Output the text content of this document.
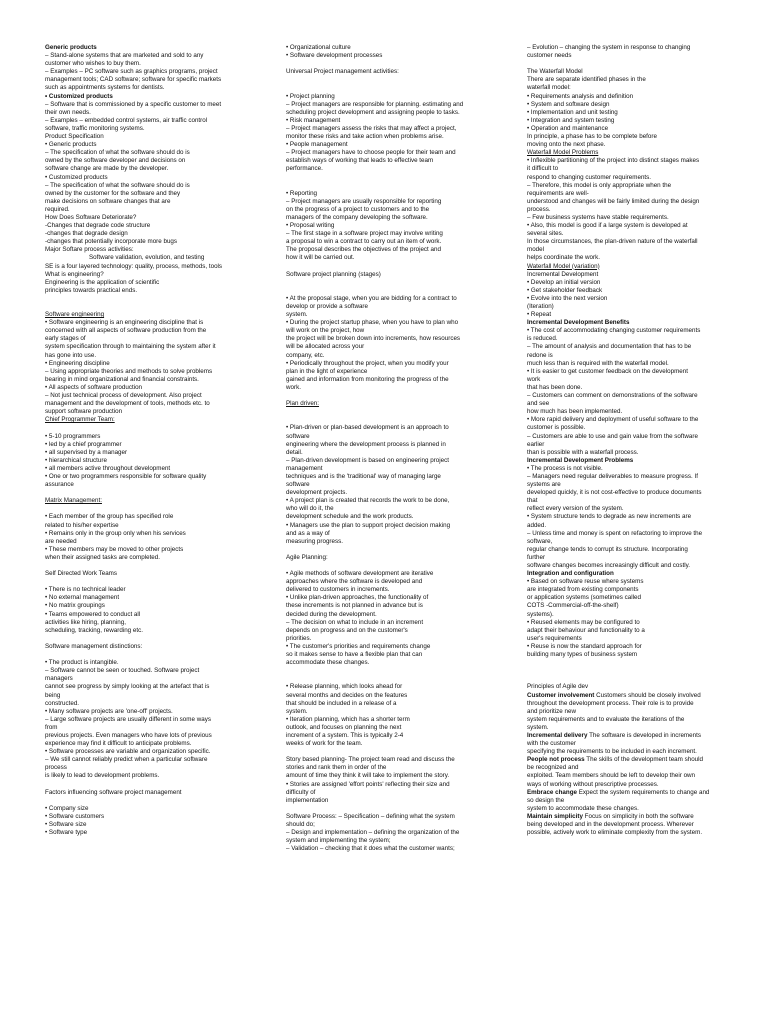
Generic products
– Stand-alone systems that are marketed and sold to any
customer who wishes to buy them.
– Examples – PC software such as graphics programs, project
management tools; CAD software; software for specific markets
such as appointments systems for dentists.
• Customized products
– Software that is commissioned by a specific customer to meet
their own needs.
– Examples – embedded control systems, air traffic control
software, traffic monitoring systems.
Product Specification
• Generic products
– The specification of what the software should do is
owned by the software developer and decisions on
software change are made by the developer.
• Customized products
– The specification of what the software should do is
owned by the customer for the software and they
make decisions on software changes that are
required.
How Does Software Deteriorate?
-Changes that degrade code structure
-changes that degrade design
-changes that potentially incorporate more bugs
Major Softare process activities:
Software validation, evolution, and testing
SE is a four layered technology: quality, process, methods, tools
What is engineering?
Engineering is the application of scientific
principles towards practical ends.
Software engineering
• Software engineering is an engineering discipline that is
concerned with all aspects of software production from the
early stages of
system specification through to maintaining the system after it
has gone into use.
• Engineering discipline
– Using appropriate theories and methods to solve problems
bearing in mind organizational and financial constraints.
• All aspects of software production
– Not just technical process of development. Also project
management and the development of tools, methods etc. to
support software production
Chief Programmer Team:
• 5-10 programmers
• led by a chief programmer
• all supervised by a manager
• hierarchical structure
• all members active throughout development
• One or two programmers responsible for software quality
assurance
Matrix Management:
• Each member of the group has specified role
related to his/her expertise
• Remains only in the group only when his services
are needed
• These members may be moved to other projects
when their assigned tasks are completed.
Self Directed Work Teams
• There is no technical leader
• No external management
• No matrix groupings
• Teams empowered to conduct all
activities like hiring, planning,
scheduling, tracking, rewarding etc.
Software management distinctions:
• The product is intangible.
– Software cannot be seen or touched. Software project
managers
cannot see progress by simply looking at the artefact that is
being
constructed.
• Many software projects are 'one-off' projects.
– Large software projects are usually different in some ways
from
previous projects. Even managers who have lots of previous
experience may find it difficult to anticipate problems.
• Software processes are variable and organization specific.
– We still cannot reliably predict when a particular software
process
is likely to lead to development problems.
Factors influencing software project management
• Company size
• Software customers
• Software size
• Software type
• Organizational culture
• Software development processes
Universal Project management activities:
• Project planning
– Project managers are responsible for planning. estimating and
scheduling project development and assigning people to tasks.
• Risk management
– Project managers assess the risks that may affect a project,
monitor these risks and take action when problems arise.
• People management
– Project managers have to choose people for their team and
establish ways of working that leads to effective team
performance.
• Reporting
– Project managers are usually responsible for reporting
on the progress of a project to customers and to the
managers of the company developing the software.
• Proposal writing
– The first stage in a software project may involve writing
a proposal to win a contract to carry out an item of work.
The proposal describes the objectives of the project and
how it will be carried out.
Software project planning (stages)
• At the proposal stage, when you are bidding for a contract to
develop or provide a software
system.
• During the project startup phase, when you have to plan who
will work on the project, how
the project will be broken down into increments, how resources
will be allocated across your
company, etc.
• Periodically throughout the project, when you modify your
plan in the light of experience
gained and information from monitoring the progress of the
work.
Plan driven:
• Plan-driven or plan-based development is an approach to
software
engineering where the development process is planned in
detail.
– Plan-driven development is based on engineering project
management
techniques and is the 'traditional' way of managing large
software
development projects.
• A project plan is created that records the work to be done,
who will do it, the
development schedule and the work products.
• Managers use the plan to support project decision making
and as a way of
measuring progress.
Agile Planning:
• Agile methods of software development are iterative
approaches where the software is developed and
delivered to customers in increments.
• Unlike plan-driven approaches, the functionality of
these increments is not planned in advance but is
decided during the development.
– The decision on what to include in an increment
depends on progress and on the customer's
priorities.
• The customer's priorities and requirements change
so it makes sense to have a flexible plan that can
accommodate these changes.
• Release planning, which looks ahead for
several months and decides on the features
that should be included in a release of a
system.
• Iteration planning, which has a shorter term
outlook, and focuses on planning the next
increment of a system. This is typically 2-4
weeks of work for the team.
Story based planning- The project team read and discuss the
stories and rank them in order of the
amount of time they think it will take to implement the story.
• Stories are assigned 'effort points' reflecting their size and
difficulty of
implementation
Software Process: – Specification – defining what the system
should do;
– Design and implementation – defining the organization of the
system and implementing the system;
– Validation – checking that it does what the customer wants;
– Evolution – changing the system in response to changing
customer needs
The Waterfall Model
There are separate identified phases in the
waterfall model:
• Requirements analysis and definition
• System and software design
• Implementation and unit testing
• Integration and system testing
• Operation and maintenance
In principle, a phase has to be complete before
moving onto the next phase.
Waterfall Model Problems
• Inflexible partitioning of the project into distinct stages makes
it difficult to
respond to changing customer requirements.
– Therefore, this model is only appropriate when the
requirements are well-
understood and changes will be fairly limited during the design
process.
– Few business systems have stable requirements.
• Also, this model is good if a large system is developed at
several sites.
In those circumstances, the plan-driven nature of the waterfall
model
helps coordinate the work.
Waterfall Model (variation)
Incremental Development
• Develop an initial version
• Get stakeholder feedback
• Evolve into the next version
(Iteration)
• Repeat
Incremental Development Benefits
• The cost of accommodating changing customer requirements
is reduced.
– The amount of analysis and documentation that has to be
redone is
much less than is required with the waterfall model.
• It is easier to get customer feedback on the development
work
that has been done.
– Customers can comment on demonstrations of the software
and see
how much has been implemented.
• More rapid delivery and deployment of useful software to the
customer is possible.
– Customers are able to use and gain value from the software
earlier
than is possible with a waterfall process.
Incremental Development Problems
• The process is not visible.
– Managers need regular deliverables to measure progress. If
systems are
developed quickly, it is not cost-effective to produce documents
that
reflect every version of the system.
• System structure tends to degrade as new increments are
added.
– Unless time and money is spent on refactoring to improve the
software,
regular change tends to corrupt its structure. Incorporating
further
software changes becomes increasingly difficult and costly.
Integration and configuration
• Based on software reuse where systems
are integrated from existing components
or application systems (sometimes called
COTS -Commercial-off-the-shelf)
systems).
• Reused elements may be configured to
adapt their behaviour and functionality to a
user's requirements
• Reuse is now the standard approach for
building many types of business system
Principles of Agile dev
Customer involvement Customers should be closely involved
throughout the development process. Their role is to provide
and prioritize new
system requirements and to evaluate the iterations of the
system.
Incremental delivery The software is developed in increments
with the customer
specifying the requirements to be included in each increment.
People not process The skills of the development team should
be recognized and
exploited. Team members should be left to develop their own
ways of working without prescriptive processes.
Embrace change Expect the system requirements to change and
so design the
system to accommodate these changes.
Maintain simplicity Focus on simplicity in both the software
being developed and in the development process. Wherever
possible, actively work to eliminate complexity from the system.
